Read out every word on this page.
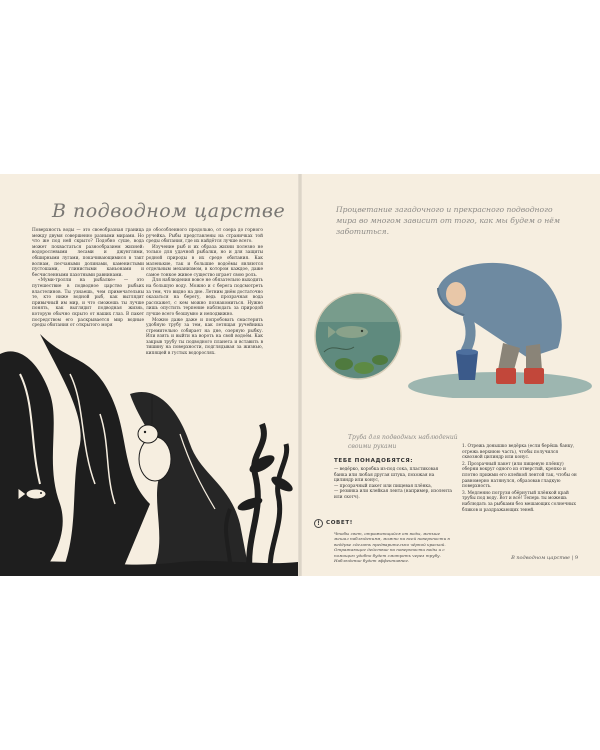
В подводном царстве

Поверхность воды — это своеобразная граница между двумя совершенно разными мирами. Но что же под ней скрыто? Подобно суше, вода может похвастаться разнообразием жизней: водорослевыми лесами и джунглями, обширными лугами, покачивающимися в такт волнам, песчаными долинами, каменистыми пустошами, глинистыми каньонами и бесчисленными пахотными равнинами.

«Муми-тролли на рыбалке» — это путешествие в подводное царство рыбьих властелинов. Ты узнаешь, чем примечательны те, кто ниже водной рыб, как выглядят привычный им мир, и что сможешь ты лучше понять, как выглядит подводная жизнь, которую обычно скрыто от наших глаз. В пакет посредством его раскрывается мир водные среды обитания от открытого моря

до обособленного продольно, от озера до горного ручейка. Рыбы представлены на страничках той среды обитания, где их найдётся лучше всего.

Изучение рыб и их образа жизни полезно не только для удачной рыбалки, но и для защиты родной природы в их среде обитания. Как маленькие, так и большие водоёмы являются отдельным механизмом, в котором каждое, даже самое тонкое живое существо играет свою роль.

Для наблюдения вовсе не обязательно выходить на большую воду. Можно и с берега подсмотреть за тем, что видно на дне. Летним днём достаточно оказаться на берегу, ведь прозрачная вода расскажет, с кем можно познакомиться. Нужно лишь опустить терпение наблюдать за природой лучше всего безшумно и неподвижно.

Можно даже даже и попробовать смастерить удобную трубу за тем, как летящая ручейника стремительно собирает на дне, озерную рыбку. Или взять и выйти на вороть на свой водоём. Как закрыв трубу ты подводного планета и вставить в тишину на поверхности, подглядывая за жизнью, кипящей в густых водорослях.

Процветание загадочного и прекрасного подводного мира во многом зависит от того, как мы будем о нём заботиться.
Труба для подводных наблюдений своими руками
ТЕБЕ ПОНАДОБЯТСЯ:
— ведёрко, коробка из-под сока, пластиковая банка или любая другая штука, похожая на цилиндр или конус,
— прозрачный пакет или пищевая плёнка,
— резинка или клейкая лента (например, изолента или скотч).
!	СОВЕТ!
Чтобы свет, отражающийся от воды, меньше мешал наблюдениям, можно на всей поверхности в ведёрке сделать предварительно чёрной краской. Отражающее действие на поверхности воды и с помощью удобно будет смотреть через трубу. Наблюдение будет эффективнее.
1. Отрежь донышко ведёрка (если берёшь банку, отрежь верхнюю часть), чтобы получился сквозной цилиндр или конус.
2. Прозрачный пакет (или пищевую плёнку) оберни вокруг одного из отверстий, крепко и плотно прижми его клейкой лентой так, чтобы он равномерно натянулся, образовав гладкую поверхность.
3. Медленно погрузи обёрнутый плёнкой край трубы под воду. Вот и всё! Теперь ты можешь наблюдать за рыбками без мешающих солнечных бликов и раздражающих теней.
В подводном царстве | 9
